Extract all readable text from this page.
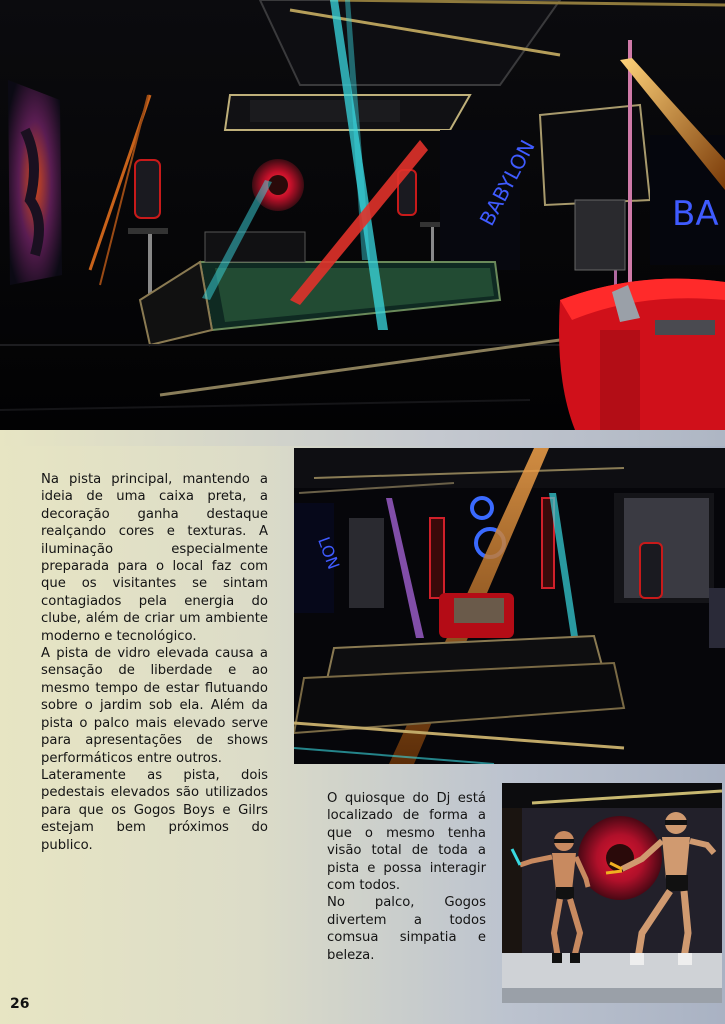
BABYLON	BA
LON

Na pista principal, mantendo a ideia de uma caixa preta, a decoração ganha destaque realçando cores e texturas. A iluminação especialmente preparada para o local faz com que os visitantes se sintam contagiados pela energia do clube, além de criar um ambiente moderno e tecnológico.

A pista de vidro elevada causa a sensação de liberdade e ao mesmo tempo de estar flutuando sobre o jardim sob ela. Além da pista o palco mais elevado serve para apresentações de shows performáticos entre outros.

Lateramente as pista, dois pedestais elevados são utilizados para que os Gogos Boys e Gilrs estejam bem próximos do publico.

O quiosque do Dj está localizado de forma a que o mesmo tenha visão total de toda a pista e possa interagir com todos.

No palco, Gogos divertem a todos comsua simpatia e beleza.

26
